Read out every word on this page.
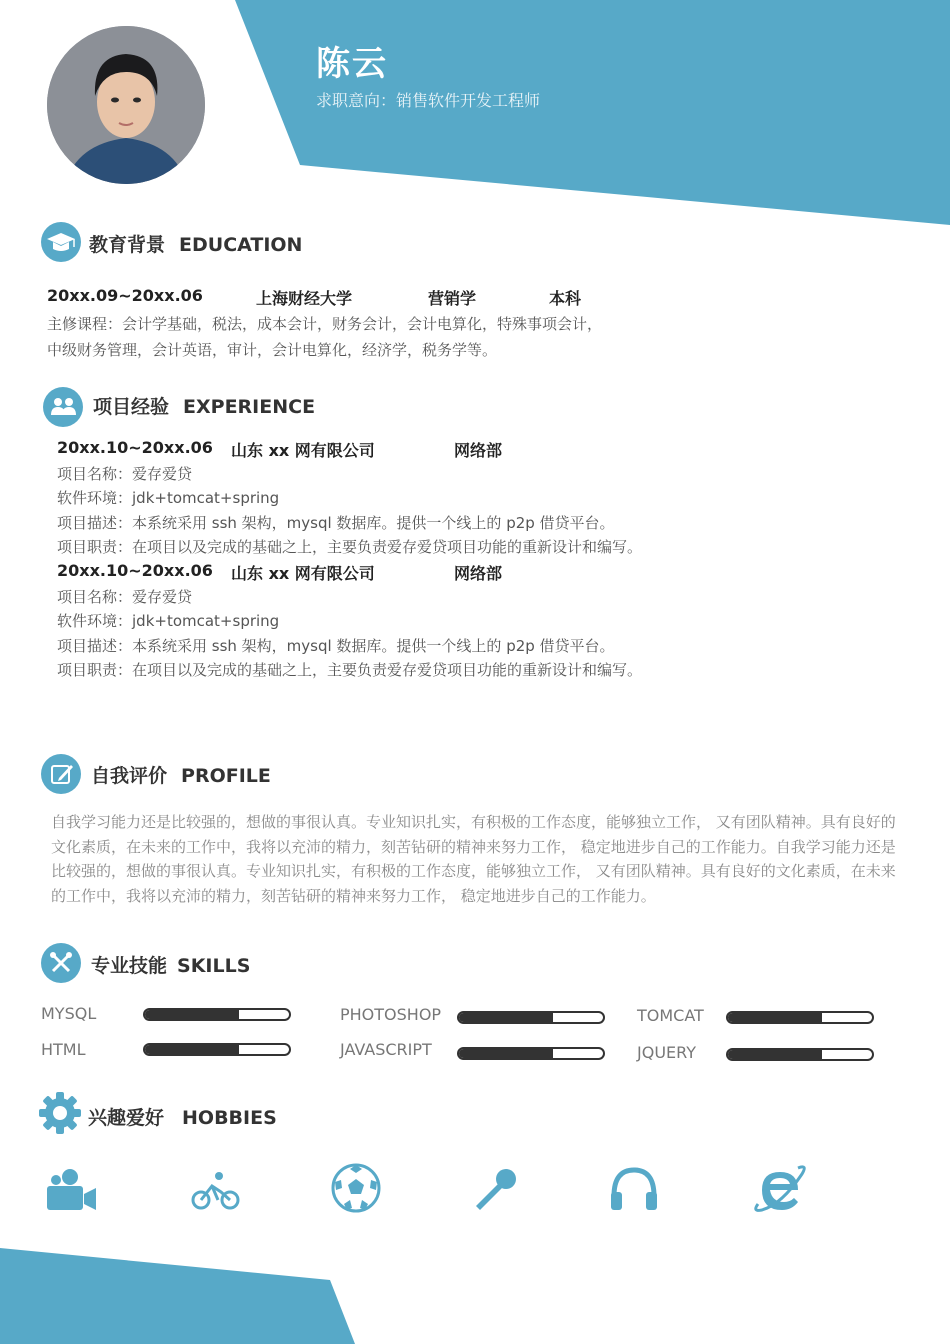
陈云
求职意向：销售软件开发工程师
教育背景 EDUCATION
20xx.09~20xx.06	上海财经大学	营销学	本科
主修课程：会计学基础，税法，成本会计，财务会计，会计电算化，特殊事项会计，
中级财务管理，会计英语，审计，会计电算化，经济学，税务学等。
项目经验 EXPERIENCE
20xx.10~20xx.06 山东 xx 网有限公司	网络部
项目名称：爱存爱贷
软件环境：jdk+tomcat+spring
项目描述：本系统采用 ssh 架构，mysql 数据库。提供一个线上的 p2p 借贷平台。
项目职责：在项目以及完成的基础之上，主要负责爱存爱贷项目功能的重新设计和编写。
20xx.10~20xx.06 山东 xx 网有限公司	网络部
项目名称：爱存爱贷
软件环境：jdk+tomcat+spring
项目描述：本系统采用 ssh 架构，mysql 数据库。提供一个线上的 p2p 借贷平台。
项目职责：在项目以及完成的基础之上，主要负责爱存爱贷项目功能的重新设计和编写。
自我评价 PROFILE
自我学习能力还是比较强的，想做的事很认真。专业知识扎实，有积极的工作态度，能够独立工作， 又有团队精神。具有良好的文化素质，在未来的工作中，我将以充沛的精力，刻苦钻研的精神来努力工作， 稳定地进步自己的工作能力。自我学习能力还是比较强的，想做的事很认真。专业知识扎实，有积极的工作态度，能够独立工作， 又有团队精神。具有良好的文化素质，在未来的工作中，我将以充沛的精力，刻苦钻研的精神来努力工作， 稳定地进步自己的工作能力。
专业技能 SKILLS
MYSQL	PHOTOSHOP	TOMCAT
HTML	JAVASCRIPT	JQUERY
兴趣爱好 HOBBIES
